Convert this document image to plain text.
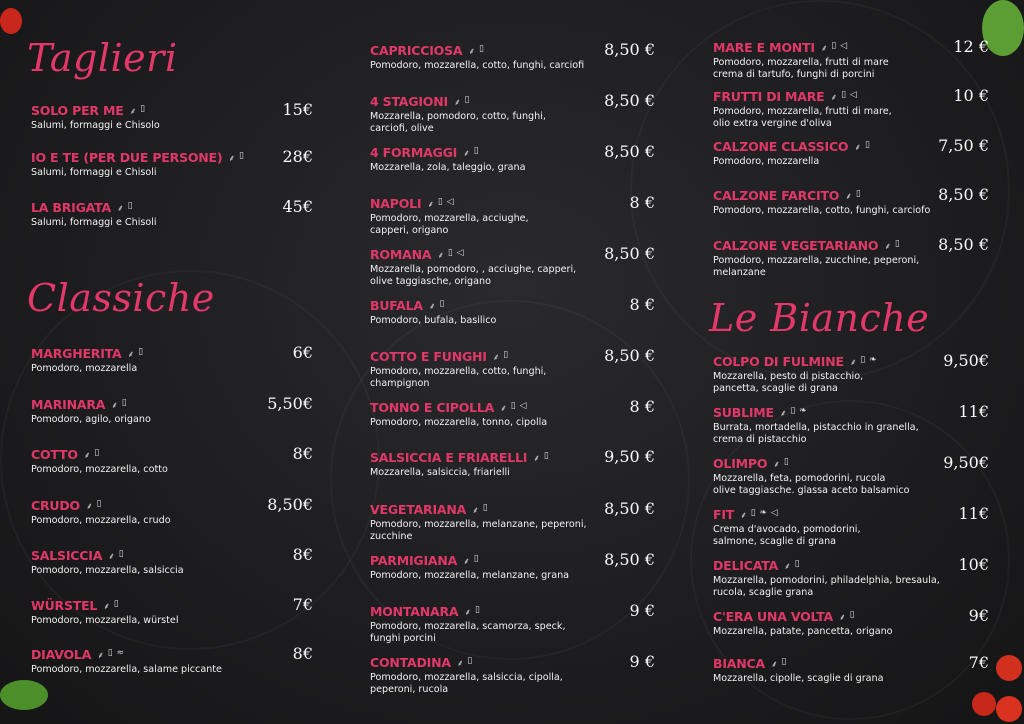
Taglieri
SOLO PER ME ⸙ ▯
Salumi, formaggi e Chisolo
15€
IO E TE (PER DUE PERSONE) ⸙ ▯
Salumi, formaggi e Chisoli
28€
LA BRIGATA ⸙ ▯
Salumi, formaggi e Chisoli
45€
Classiche
MARGHERITA ⸙ ▯
Pomodoro, mozzarella
6€
MARINARA ⸙ ▯
Pomodoro, agilo, origano
5,50€
COTTO ⸙ ▯
Pomodoro, mozzarella, cotto
8€
CRUDO ⸙ ▯
Pomodoro, mozzarella, crudo
8,50€
SALSICCIA ⸙ ▯
Pomodoro, mozzarella, salsiccia
8€
WÜRSTEL ⸙ ▯
Pomodoro, mozzarella, würstel
7€
DIAVOLA ⸙ ▯ ≈
Pomodoro, mozzarella, salame piccante
8€
CAPRICCIOSA ⸙ ▯
Pomodoro, mozzarella, cotto, funghi, carciofi
8,50 €
4 STAGIONI ⸙ ▯
Mozzarella, pomodoro, cotto, funghi,
carciofi, olive
8,50 €
4 FORMAGGI ⸙ ▯
Mozzarella, zola, taleggio, grana
8,50 €
NAPOLI ⸙ ▯ ◁
Pomodoro, mozzarella, acciughe,
capperi, origano
8 €
ROMANA ⸙ ▯ ◁
Mozzarella, pomodoro, , acciughe, capperi,
olive taggiasche, origano
8,50 €
BUFALA ⸙ ▯
Pomodoro, bufala, basilico
8 €
COTTO E FUNGHI ⸙ ▯
Pomodoro, mozzarella, cotto, funghi,
champignon
8,50 €
TONNO E CIPOLLA ⸙ ▯ ◁
Pomodoro, mozzarella, tonno, cipolla
8 €
SALSICCIA E FRIARELLI ⸙ ▯
Mozzarella, salsiccia, friarielli
9,50 €
VEGETARIANA ⸙ ▯
Pomodoro, mozzarella, melanzane, peperoni,
zucchine
8,50 €
PARMIGIANA ⸙ ▯
Pomodoro, mozzarella, melanzane, grana
8,50 €
MONTANARA ⸙ ▯
Pomodoro, mozzarella, scamorza, speck,
funghi porcini
9 €
CONTADINA ⸙ ▯
Pomodoro, mozzarella, salsiccia, cipolla,
peperoni, rucola
9 €
MARE E MONTI ⸙ ▯ ◁
Pomodoro, mozzarella, frutti di mare
crema di tartufo, funghi di porcini
12 €
FRUTTI DI MARE ⸙ ▯ ◁
Pomodoro, mozzarella, frutti di mare,
olio extra vergine d'oliva
10 €
CALZONE CLASSICO ⸙ ▯
Pomodoro, mozzarella
7,50 €
CALZONE FARCITO ⸙ ▯
Pomodoro, mozzarella, cotto, funghi, carciofo
8,50 €
CALZONE VEGETARIANO ⸙ ▯
Pomodoro, mozzarella, zucchine, peperoni,
melanzane
8,50 €
Le Bianche
COLPO DI FULMINE ⸙ ▯ ❧
Mozzarella, pesto di pistacchio,
pancetta, scaglie di grana
9,50€
SUBLIME ⸙ ▯ ❧
Burrata, mortadella, pistacchio in granella,
crema di pistacchio
11€
OLIMPO ⸙ ▯
Mozzarella, feta, pomodorini, rucola
olive taggiasche. glassa aceto balsamico
9,50€
FIT ⸙ ▯ ❧ ◁
Crema d'avocado, pomodorini,
salmone, scaglie di grana
11€
DELICATA ⸙ ▯
Mozzarella, pomodorini, philadelphia, bresaula,
rucola, scaglie grana
10€
C'ERA UNA VOLTA ⸙ ▯
Mozzarella, patate, pancetta, origano
9€
BIANCA ⸙ ▯
Mozzarella, cipolle, scaglie di grana
7€
